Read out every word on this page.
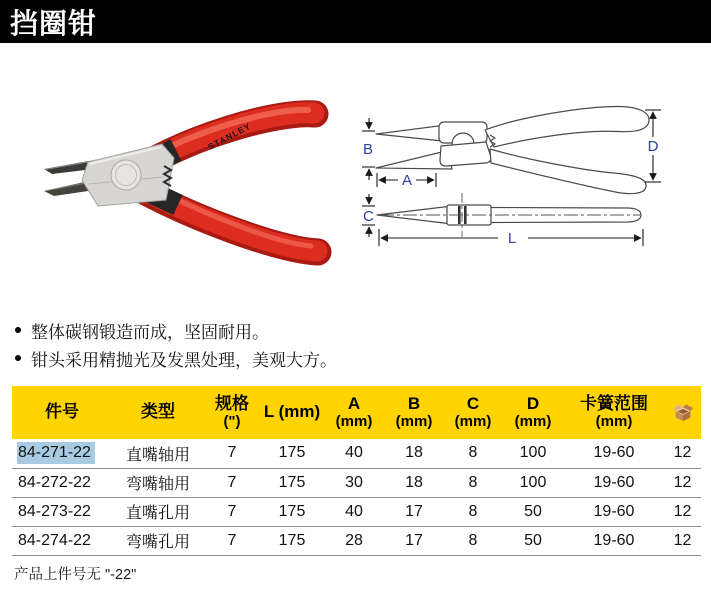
挡圈钳
STANLEY	B
A
D
C
L
整体碳钢锻造而成，坚固耐用。
钳头采用精抛光及发黑处理，美观大方。
件号	类型	规格
(")

L (mm)	A
(mm)

B
(mm)

C
(mm)

D
(mm)

卡簧范围
(mm)

84-271-22	直嘴轴用	7	175	40	18	8	100	19-60	12
84-272-22	弯嘴轴用	7	175	30	18	8	100	19-60	12
84-273-22	直嘴孔用	7	175	40	17	8	50	19-60	12
84-274-22	弯嘴孔用	7	175	28	17	8	50	19-60	12

产品上件号无 "-22"
